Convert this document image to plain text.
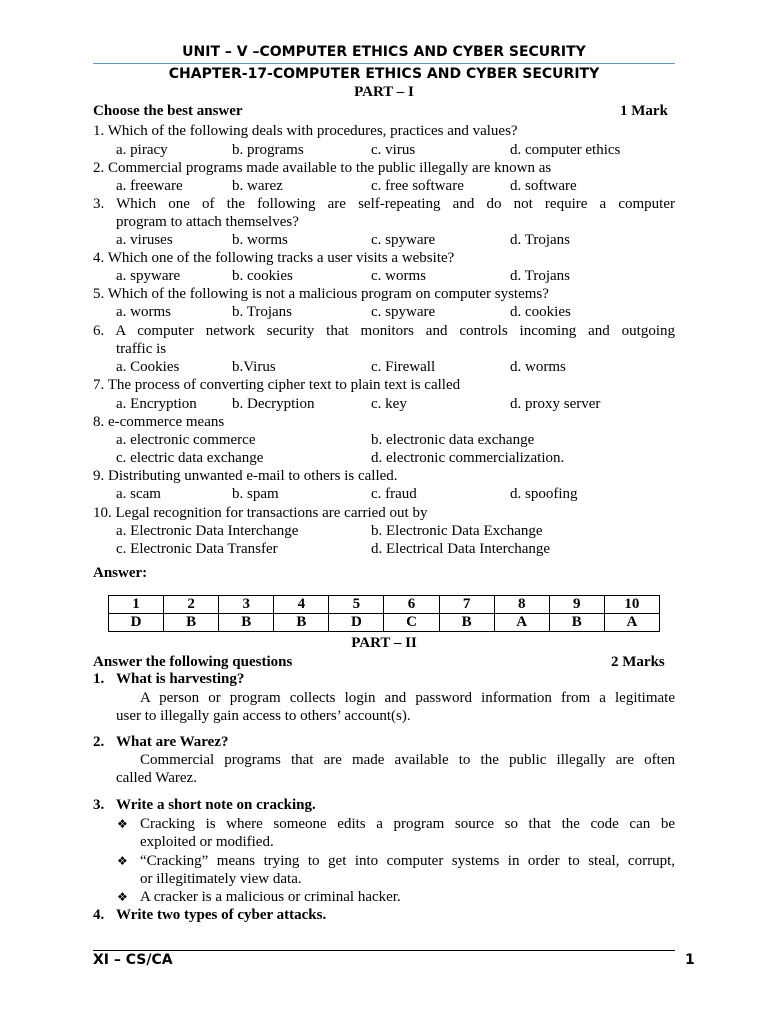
UNIT – V –COMPUTER ETHICS AND CYBER SECURITY
CHAPTER-17-COMPUTER ETHICS AND CYBER SECURITY
PART – I
Choose the best answer	1 Mark
1. Which of the following deals with procedures, practices and values?
a. piracy	b. programs	c. virus	d. computer ethics
2. Commercial programs made available to the public illegally are known as
a. freeware	b. warez	c. free software	d. software
3. Which one of the following are self-repeating and do not require a computer
program to attach themselves?
a. viruses	b. worms	c. spyware	d. Trojans
4. Which one of the following tracks a user visits a website?
a. spyware	b. cookies	c. worms	d. Trojans
5. Which of the following is not a malicious program on computer systems?
a. worms	b. Trojans	c. spyware	d. cookies
6. A computer network security that monitors and controls incoming and outgoing
traffic is
a. Cookies	b.Virus	c. Firewall	d. worms
7. The process of converting cipher text to plain text is called
a. Encryption b. Decryption	c. key	d. proxy server
8. e-commerce means
a. electronic commerce	b. electronic data exchange
c. electric data exchange	d. electronic commercialization.
9. Distributing unwanted e-mail to others is called.
a. scam	b. spam	c. fraud	d. spoofing
10. Legal recognition for transactions are carried out by
a. Electronic Data Interchange	b. Electronic Data Exchange
c. Electronic Data Transfer	d. Electrical Data Interchange
Answer:
1	2	3	4	5	6	7	8	9	10
D	B	B	B	D	C	B	A	B	A
PART – II
Answer the following questions	2 Marks
1. What is harvesting?
A person or program collects login and password information from a legitimate
user to illegally gain access to others’ account(s).
2. What are Warez?
Commercial programs that are made available to the public illegally are often
called Warez.
3. Write a short note on cracking.
❖ Cracking is where someone edits a program source so that the code can be
exploited or modified.
❖ “Cracking” means trying to get into computer systems in order to steal, corrupt,
or illegitimately view data.
❖ A cracker is a malicious or criminal hacker.
4. Write two types of cyber attacks.
XI – CS/CA	1
